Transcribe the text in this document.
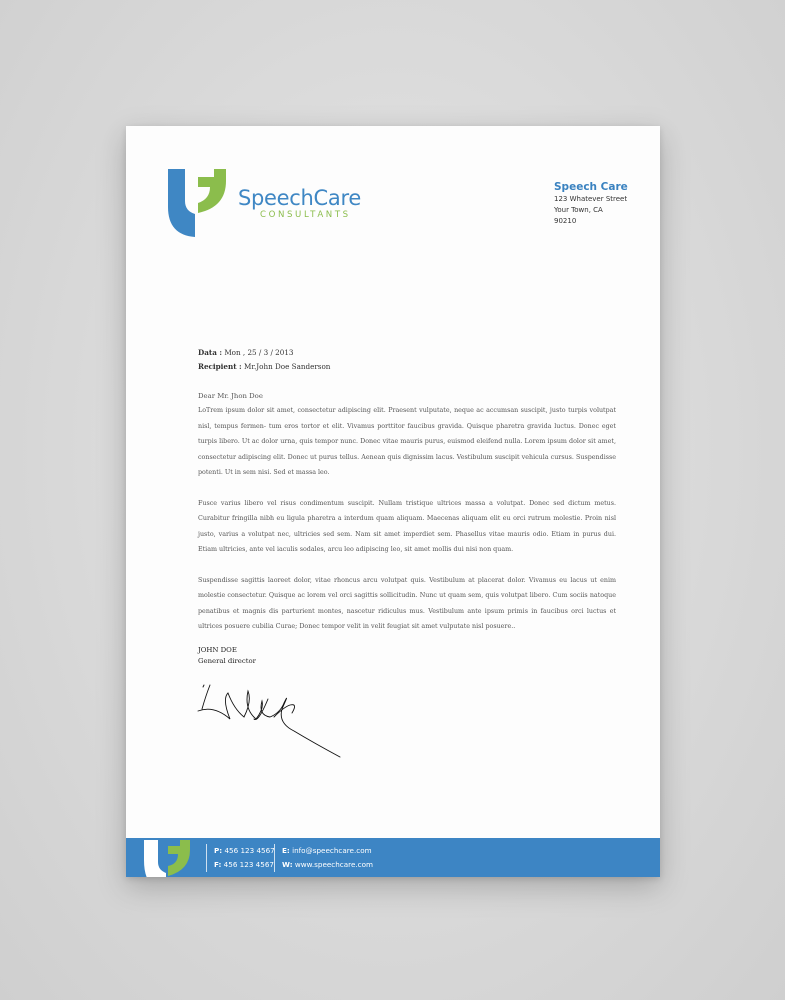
SpeechCare
CONSULTANTS
Speech Care
123 Whatever Street
Your Town, CA
90210
Data : Mon , 25 / 3 / 2013
Recipient : Mr.John Doe Sanderson

Dear Mr. Jhon Doe

LoTrem ipsum dolor sit amet, consectetur adipiscing elit. Praesent vulputate, neque ac accumsan suscipit, justo turpis volutpat nisl, tempus fermen- tum eros tortor et elit. Vivamus porttitor faucibus gravida. Quisque pharetra gravida luctus. Donec eget turpis libero. Ut ac dolor urna, quis tempor nunc. Donec vitae mauris purus, euismod eleifend nulla. Lorem ipsum dolor sit amet, consectetur adipiscing elit. Donec ut purus tellus. Aenean quis dignissim lacus. Vestibulum suscipit vehicula cursus. Suspendisse potenti. Ut in sem nisi. Sed et massa leo.

Fusce varius libero vel risus condimentum suscipit. Nullam tristique ultrices massa a volutpat. Donec sed dictum metus. Curabitur fringilla nibh eu ligula pharetra a interdum quam aliquam. Maecenas aliquam elit eu orci rutrum molestie. Proin nisl justo, varius a volutpat nec, ultricies sed sem. Nam sit amet imperdiet sem. Phasellus vitae mauris odio. Etiam in purus dui. Etiam ultricies, ante vel iaculis sodales, arcu leo adipiscing leo, sit amet mollis dui nisi non quam.

Suspendisse sagittis laoreet dolor, vitae rhoncus arcu volutpat quis. Vestibulum at placerat dolor. Vivamus eu lacus ut enim molestie consectetur. Quisque ac lorem vel orci sagittis sollicitudin. Nunc ut quam sem, quis volutpat libero. Cum sociis natoque penatibus et magnis dis parturient montes, nascetur ridiculus mus. Vestibulum ante ipsum primis in faucibus orci luctus et ultrices posuere cubilia Curae; Donec tempor velit in velit feugiat sit amet vulputate nisl posuere..

JOHN DOE
General director
P: 456 123 4567
F: 456 123 4567
E: info@speechcare.com
W: www.speechcare.com
